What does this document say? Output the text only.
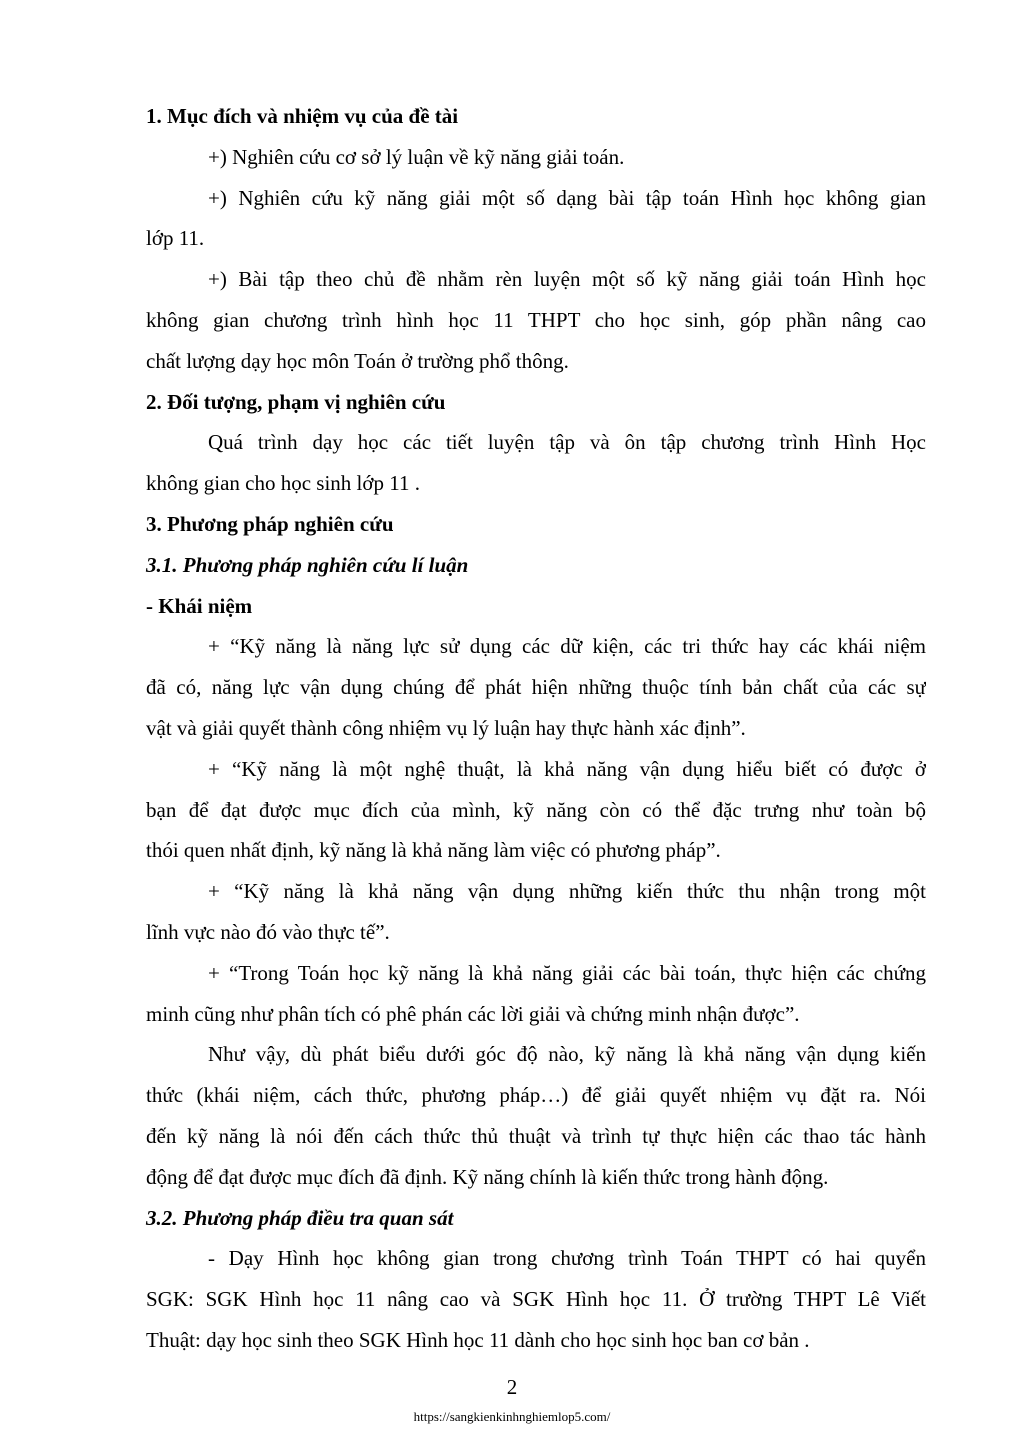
1. Mục đích và nhiệm vụ của đề tài

+) Nghiên cứu cơ sở lý luận về kỹ năng giải toán.

+) Nghiên cứu kỹ năng giải một số dạng bài tập toán Hình học không gian

lớp 11.

+) Bài tập theo chủ đề nhằm rèn luyện một số kỹ năng giải toán Hình học

không gian chương trình hình học 11 THPT cho học sinh, góp phần nâng cao

chất lượng dạy học môn Toán ở trường phổ thông.

2. Đối tượng, phạm vị nghiên cứu

Quá trình dạy học các tiết luyện tập và ôn tập chương trình Hình Học

không gian cho học sinh lớp 11 .

3. Phương pháp nghiên cứu

3.1. Phương pháp nghiên cứu lí luận

- Khái niệm

+ “Kỹ năng là năng lực sử dụng các dữ kiện, các tri thức hay các khái niệm

đã có, năng lực vận dụng chúng để phát hiện những thuộc tính bản chất của các sự

vật và giải quyết thành công nhiệm vụ lý luận hay thực hành xác định”.

+ “Kỹ năng là một nghệ thuật, là khả năng vận dụng hiểu biết có được ở

bạn để đạt được mục đích của mình, kỹ năng còn có thể đặc trưng như toàn bộ

thói quen nhất định, kỹ năng là khả năng làm việc có phương pháp”.

+ “Kỹ năng là khả năng vận dụng những kiến thức thu nhận trong một

lĩnh vực nào đó vào thực tế”.

+ “Trong Toán học kỹ năng là khả năng giải các bài toán, thực hiện các chứng

minh cũng như phân tích có phê phán các lời giải và chứng minh nhận được”.

Như vậy, dù phát biểu dưới góc độ nào, kỹ năng là khả năng vận dụng kiến

thức (khái niệm, cách thức, phương pháp…) để giải quyết nhiệm vụ đặt ra. Nói

đến kỹ năng là nói đến cách thức thủ thuật và trình tự thực hiện các thao tác hành

động để đạt được mục đích đã định. Kỹ năng chính là kiến thức trong hành động.

3.2. Phương pháp điều tra quan sát

- Dạy Hình học không gian trong chương trình Toán THPT có hai quyển

SGK: SGK Hình học 11 nâng cao và SGK Hình học 11. Ở trường THPT Lê Viết

Thuật: dạy học sinh theo SGK Hình học 11 dành cho học sinh học ban cơ bản .

2
https://sangkienkinhnghiemlop5.com/
